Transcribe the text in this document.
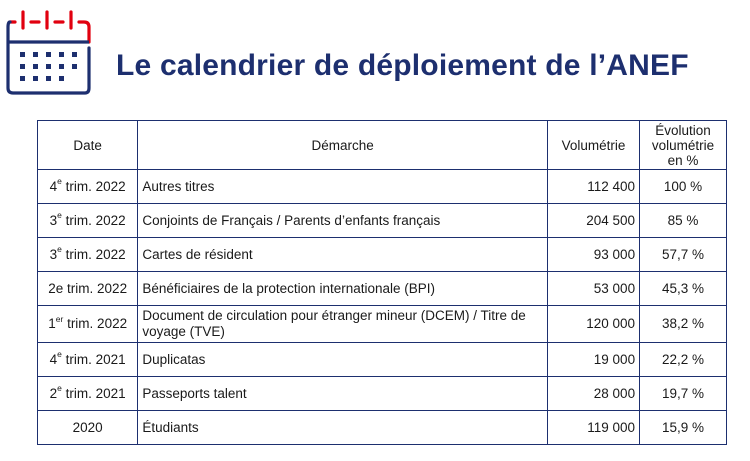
Le calendrier de déploiement de l’ANEF
Date	Démarche	Volumétrie	Évolution
volumétrie
en %
4e trim. 2022	Autres titres	112 400	100 %
3e trim. 2022	Conjoints de Français / Parents d’enfants français	204 500	85 %
3e trim. 2022	Cartes de résident	93 000	57,7 %
2e trim. 2022	Bénéficiaires de la protection internationale (BPI)	53 000	45,3 %
1er trim. 2022	Document de circulation pour étranger mineur (DCEM) / Titre de voyage (TVE)	120 000	38,2 %
4e trim. 2021	Duplicatas	19 000	22,2 %
2e trim. 2021	Passeports talent	28 000	19,7 %
2020	Étudiants	119 000	15,9 %
